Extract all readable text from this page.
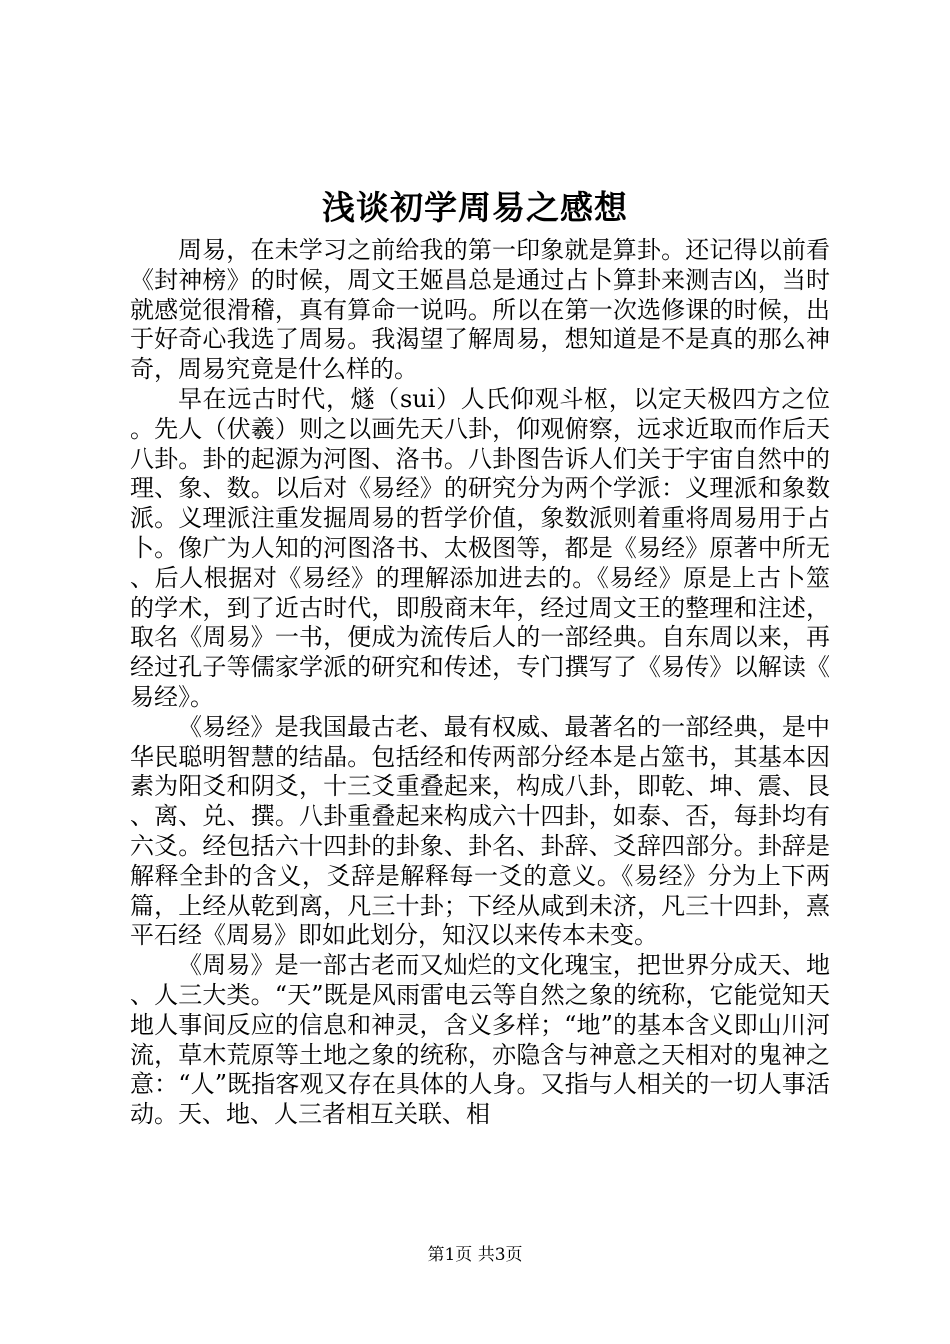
浅谈初学周易之感想

周易，在未学习之前给我的第一印象就是算卦。还记得以前看《封神榜》的时候，周文王姬昌总是通过占卜算卦来测吉凶，当时就感觉很滑稽，真有算命一说吗。所以在第一次选修课的时候，出于好奇心我选了周易。我渴望了解周易，想知道是不是真的那么神奇，周易究竟是什么样的。

早在远古时代，燧（sui）人氏仰观斗枢，以定天极四方之位。先人（伏羲）则之以画先天八卦，仰观俯察，远求近取而作后天八卦。卦的起源为河图、洛书。八卦图告诉人们关于宇宙自然中的理、象、数。以后对《易经》的研究分为两个学派：义理派和象数派。义理派注重发掘周易的哲学价值，象数派则着重将周易用于占卜。像广为人知的河图洛书、太极图等，都是《易经》原著中所无、后人根据对《易经》的理解添加进去的。《易经》原是上古卜筮的学术，到了近古时代，即殷商末年，经过周文王的整理和注述，取名《周易》一书，便成为流传后人的一部经典。自东周以来，再经过孔子等儒家学派的研究和传述，专门撰写了《易传》以解读《易经》。

《易经》是我国最古老、最有权威、最著名的一部经典，是中华民聪明智慧的结晶。包括经和传两部分经本是占筮书，其基本因素为阳爻和阴爻，十三爻重叠起来，构成八卦，即乾、坤、震、艮、离、兑、撰。八卦重叠起来构成六十四卦，如泰、否，每卦均有六爻。经包括六十四卦的卦象、卦名、卦辞、爻辞四部分。卦辞是解释全卦的含义，爻辞是解释每一爻的意义。《易经》分为上下两篇，上经从乾到离，凡三十卦；下经从咸到未济，凡三十四卦，熹平石经《周易》即如此划分，知汉以来传本未变。

《周易》是一部古老而又灿烂的文化瑰宝，把世界分成天、地、人三大类。“天”既是风雨雷电云等自然之象的统称，它能觉知天地人事间反应的信息和神灵，含义多样；“地”的基本含义即山川河流，草木荒原等土地之象的统称，亦隐含与神意之天相对的鬼神之意：“人”既指客观又存在具体的人身。又指与人相关的一切人事活动。天、地、人三者相互关联、相

第1页 共3页
